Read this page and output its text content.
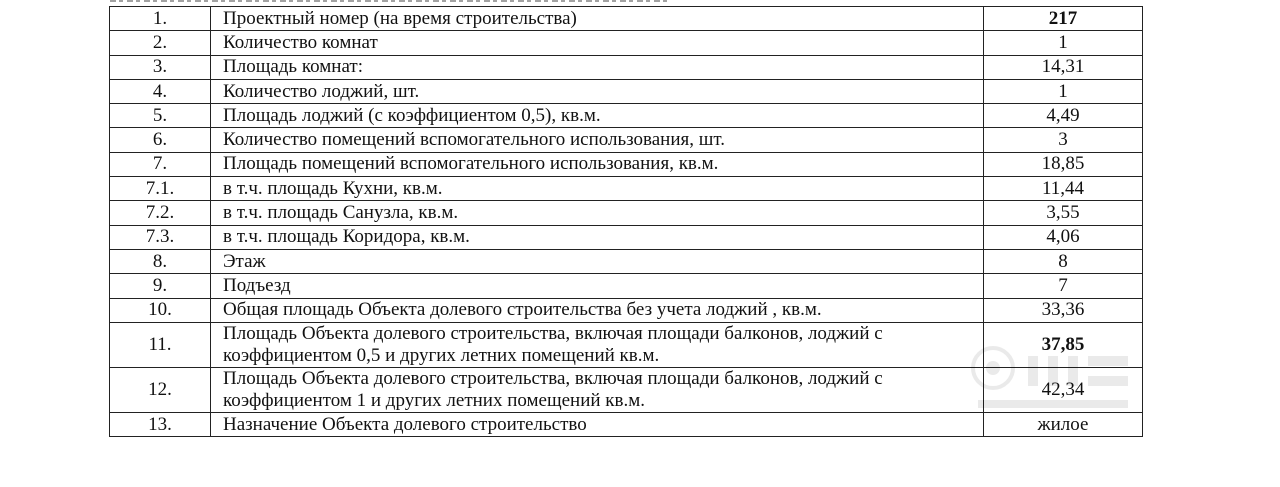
1.	Проектный номер (на время строительства)	217
2.	Количество комнат	1
3.	Площадь комнат:	14,31
4.	Количество лоджий, шт.	1
5.	Площадь лоджий (с коэффициентом 0,5), кв.м.	4,49
6.	Количество помещений вспомогательного использования, шт.	3
7.	Площадь помещений вспомогательного использования, кв.м.	18,85
7.1.	в т.ч. площадь Кухни, кв.м.	11,44
7.2.	в т.ч. площадь Санузла, кв.м.	3,55
7.3.	в т.ч. площадь Коридора, кв.м.	4,06
8.	Этаж	8
9.	Подъезд	7
10.	Общая площадь Объекта долевого строительства без учета лоджий , кв.м.	33,36
11.	Площадь Объекта долевого строительства, включая площади балконов, лоджий с
коэффициентом 0,5 и других летних помещений кв.м.	37,85
12.	Площадь Объекта долевого строительства, включая площади балконов, лоджий с
коэффициентом 1 и других летних помещений кв.м.	42,34
13.	Назначение Объекта долевого строительство	жилое
